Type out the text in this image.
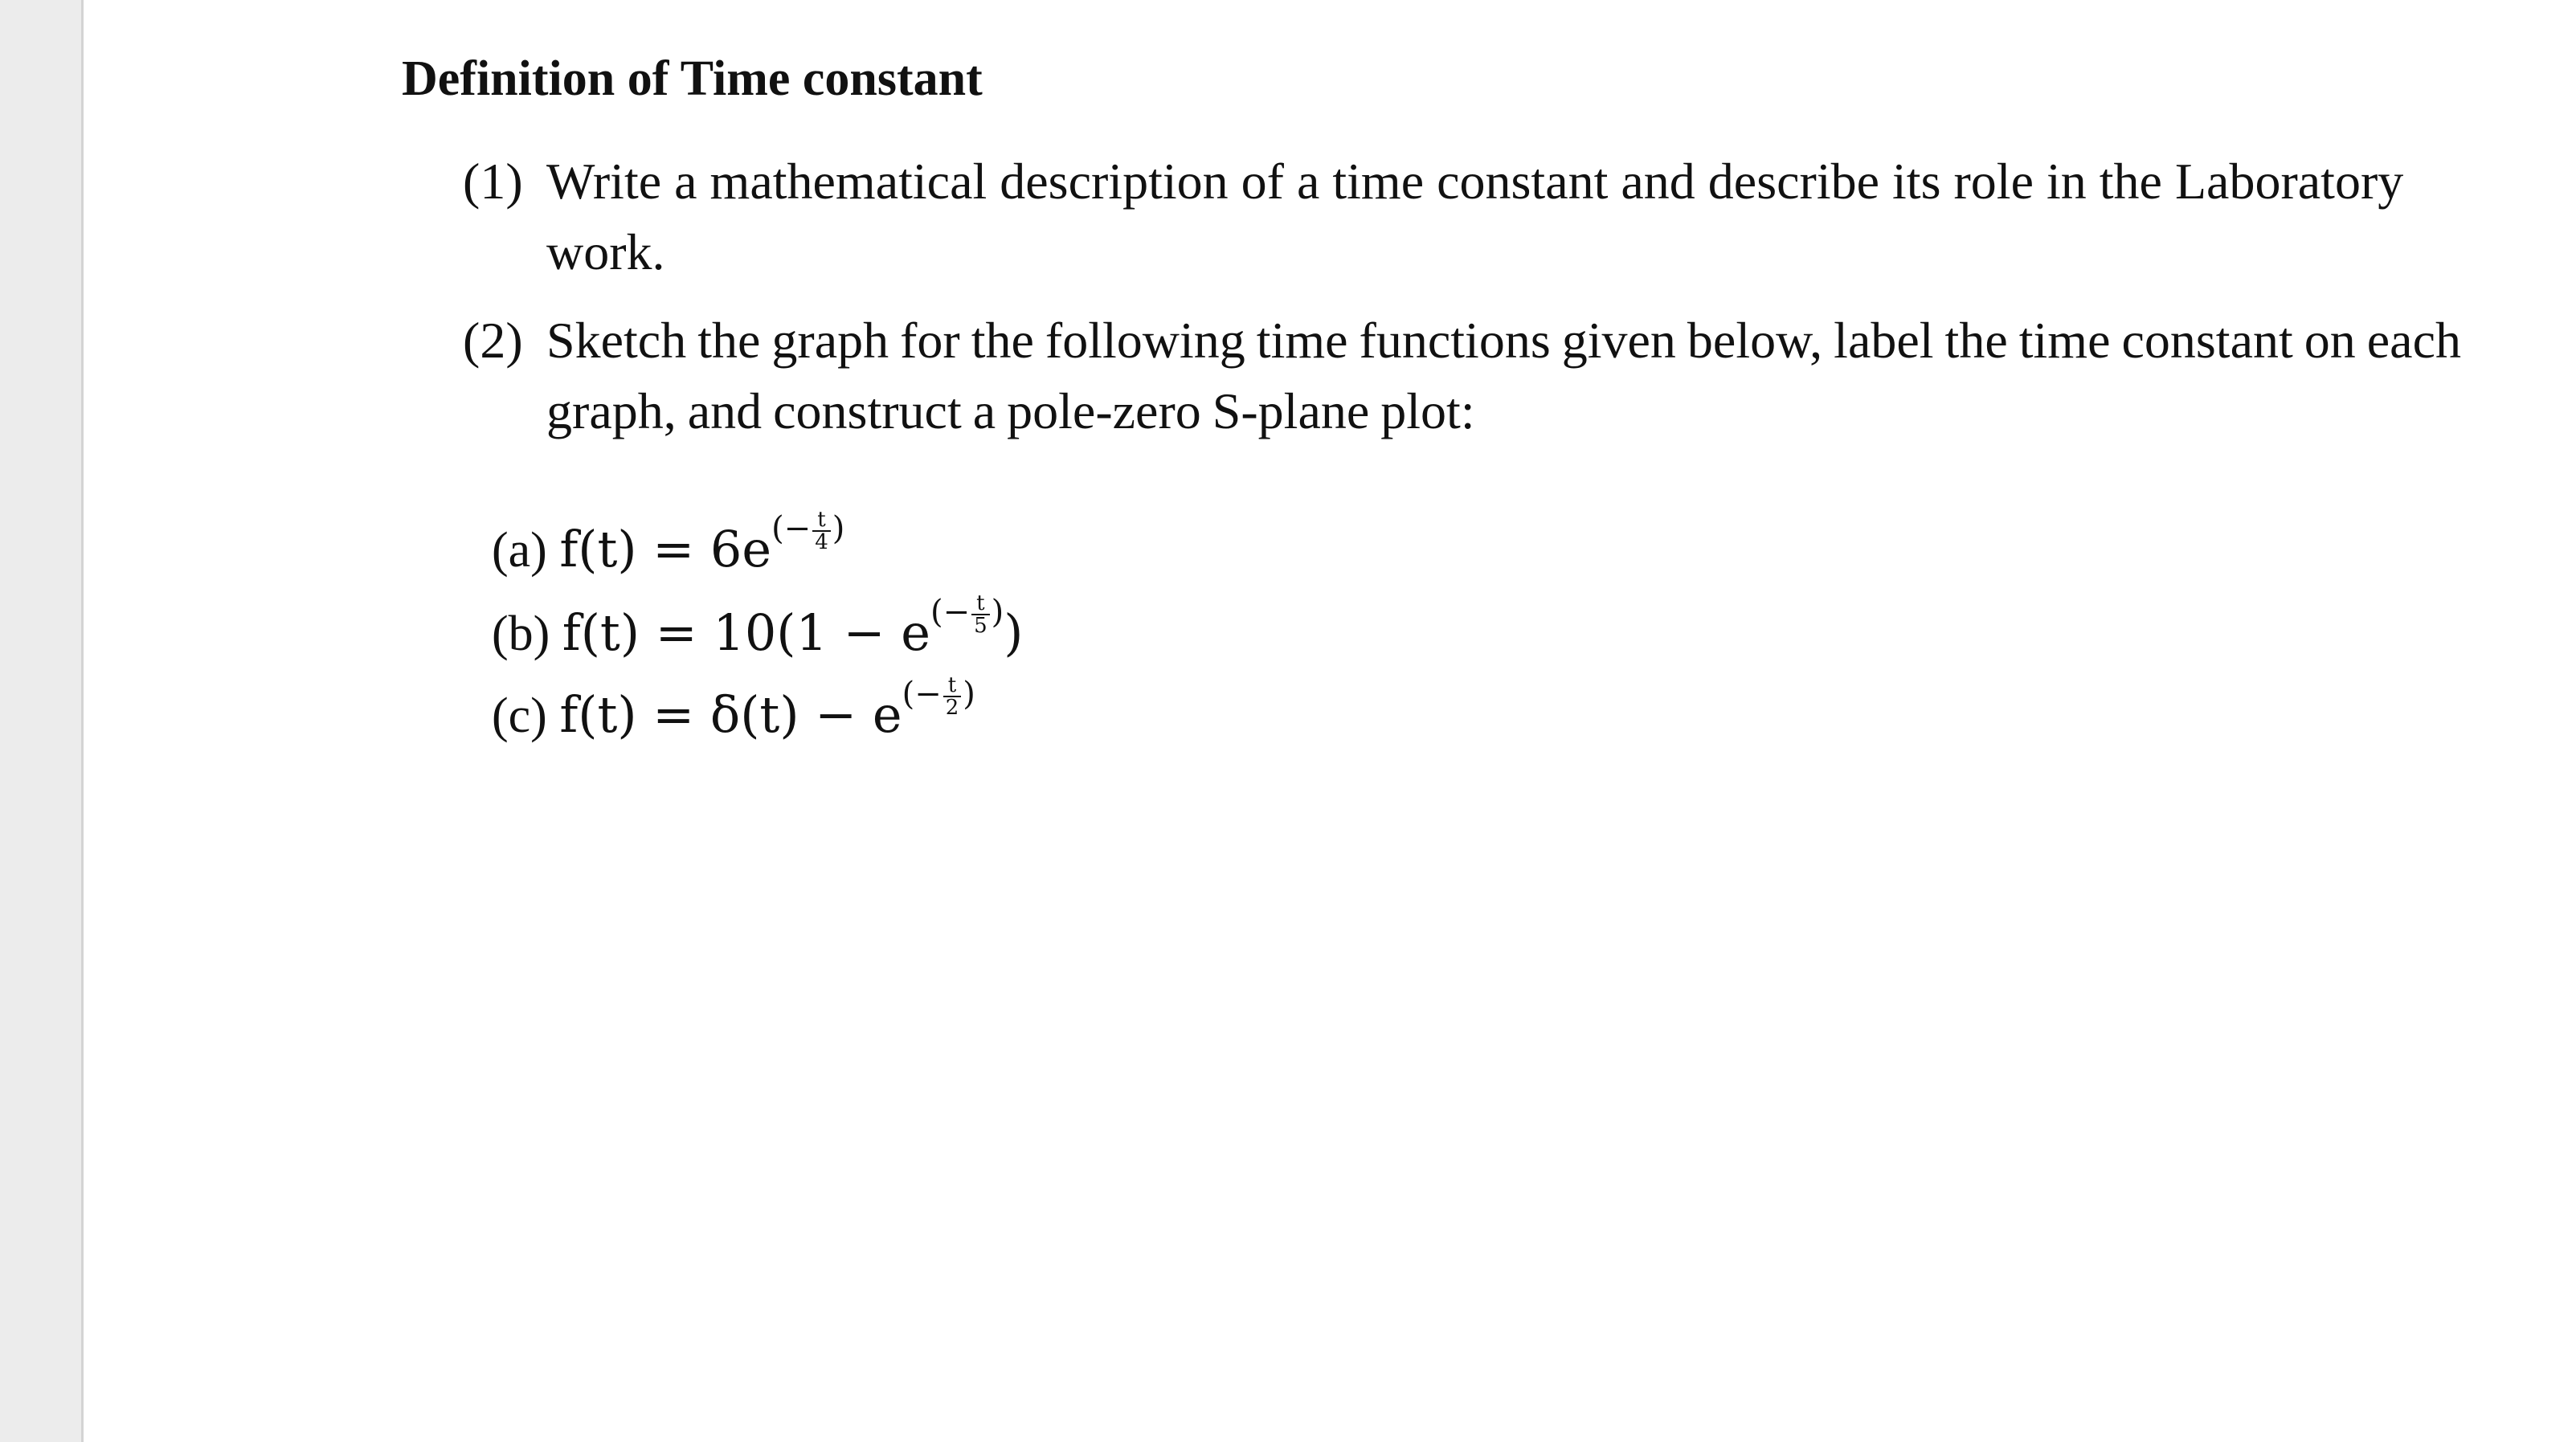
Definition of Time constant
(1) Write a mathematical description of a time constant and describe its role in the Laboratory work.
(2) Sketch the graph for the following time functions given below, label the time constant on each graph, and construct a pole-zero S-plane plot:
(a) $f(t) = 6e(- \frac{t}{4}$ )
(b) $f(t) = 10(1 - e(- \frac{t}{5}$ ))
(c) $f(t) = \delta(t) - e(- \frac{t}{2}$ )
